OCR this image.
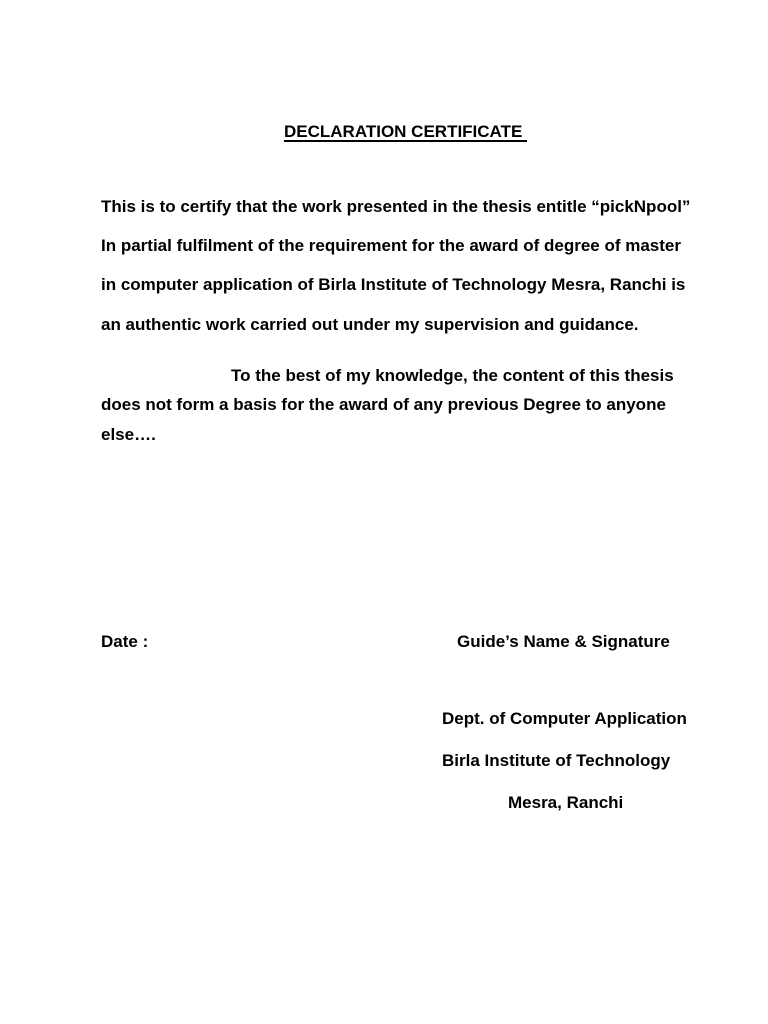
DECLARATION CERTIFICATE
This is to certify that the work presented in the thesis entitle “pickNpool”
In partial fulfilment of the requirement for the award of degree of master
in computer application of Birla Institute of Technology Mesra, Ranchi is
an authentic work carried out under my supervision and guidance.
To the best of my knowledge, the content of this thesis
does not form a basis for the award of any previous Degree to anyone
else….
Date :	Guide’s Name & Signature
Dept. of Computer Application
Birla Institute of Technology
Mesra, Ranchi
